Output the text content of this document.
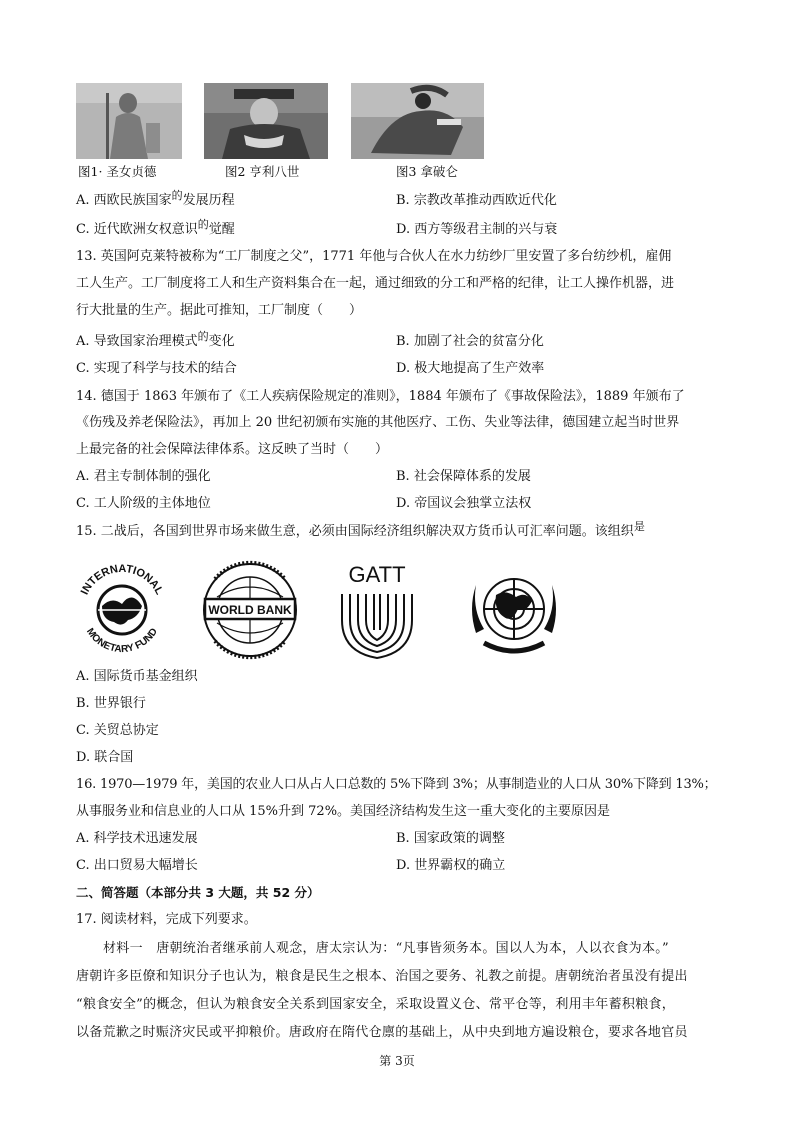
图1· 圣女贞德	图2 亨利八世	图3 拿破仑
A. 西欧民族国家$^的$发展历程	B. 宗教改革推动西欧近代化
C. 近代欧洲女权意识$^的$觉醒	D. 西方等级君主制的兴与衰
13. 英国阿克莱特被称为“工厂制度之父”，1771 年他与合伙人在水力纺纱厂里安置了多台纺纱机，雇佣
工人生产。工厂制度将工人和生产资料集合在一起，通过细致的分工和严格的纪律，让工人操作机器，进
行大批量的生产。据此可推知，工厂制度（　　）
A. 导致国家治理模式$^的$变化	B. 加剧了社会的贫富分化
C. 实现了科学与技术的结合	D. 极大地提高了生产效率
14. 德国于 1863 年颁布了《工人疾病保险规定的准则》，1884 年颁布了《事故保险法》，1889 年颁布了
《伤残及养老保险法》，再加上 20 世纪初颁布实施的其他医疗、工伤、失业等法律，德国建立起当时世界
上最完备的社会保障法律体系。这反映了当时（　　）
A. 君主专制体制的强化	B. 社会保障体系的发展
C. 工人阶级的主体地位	D. 帝国议会独掌立法权
15. 二战后，各国到世界市场来做生意，必须由国际经济组织解决双方货币认可汇率问题。该组织$^是$
INTERNATIONAL
MONETARY FUND
WORLD BANK
GATT
A. 国际货币基金组织
B. 世界银行
C. 关贸总协定
D. 联合国
16. 1970—1979 年，美国的农业人口从占人口总数的 5%下降到 3%；从事制造业的人口从 30%下降到 13%；
从事服务业和信息业的人口从 15%升到 72%。美国经济结构发生这一重大变化的主要原因是
A. 科学技术迅速发展	B. 国家政策的调整
C. 出口贸易大幅增长	D. 世界霸权的确立
二、简答题（本部分共 3 大题，共 52 分）
17. 阅读材料，完成下列要求。
材料一　唐朝统治者继承前人观念，唐太宗认为：“凡事皆须务本。国以人为本，人以衣食为本。”
唐朝许多臣僚和知识分子也认为，粮食是民生之根本、治国之要务、礼教之前提。唐朝统治者虽没有提出
“粮食安全”的概念，但认为粮食安全关系到国家安全，采取设置义仓、常平仓等，利用丰年蓄积粮食，
以备荒歉之时赈济灾民或平抑粮价。唐政府在隋代仓廪的基础上，从中央到地方遍设粮仓，要求各地官员
第 3页
